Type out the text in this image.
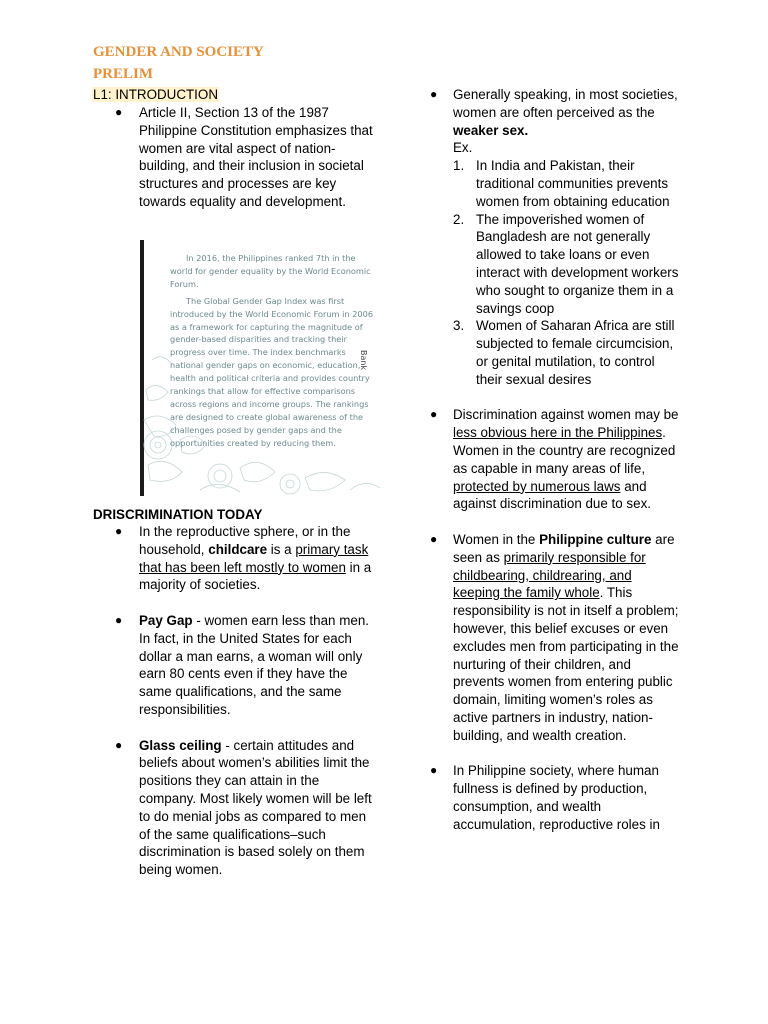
GENDER AND SOCIETY
PRELIM
L1: INTRODUCTION
● Article II, Section 13 of the 1987 Philippine Constitution emphasizes that women are vital aspect of nation-building, and their inclusion in societal structures and processes are key towards equality and development.

In 2016, the Philippines ranked 7th in the world for gender equality by the World Economic Forum.

The Global Gender Gap Index was first introduced by the World Economic Forum in 2006 as a framework for capturing the magnitude of gender-based disparities and tracking their progress over time. The index benchmarks national gender gaps on economic, education, health and political criteria and provides country rankings that allow for effective comparisons across regions and income groups. The rankings are designed to create global awareness of the challenges posed by gender gaps and the opportunities created by reducing them.

Bank
DRISCRIMINATION TODAY
● In the reproductive sphere, or in the household, childcare is a primary task that has been left mostly to women in a majority of societies.
● Pay Gap - women earn less than men. In fact, in the United States for each dollar a man earns, a woman will only earn 80 cents even if they have the same qualifications, and the same responsibilities.
● Glass ceiling - certain attitudes and beliefs about women’s abilities limit the positions they can attain in the company. Most likely women will be left to do menial jobs as compared to men of the same qualifications–such discrimination is based solely on them being women.
● Generally speaking, in most societies, women are often perceived as the weaker sex.
Ex.
1. In India and Pakistan, their traditional communities prevents women from obtaining education
2. The impoverished women of Bangladesh are not generally allowed to take loans or even interact with development workers who sought to organize them in a savings coop
3. Women of Saharan Africa are still subjected to female circumcision, or genital mutilation, to control their sexual desires
● Discrimination against women may be less obvious here in the Philippines. Women in the country are recognized as capable in many areas of life, protected by numerous laws and against discrimination due to sex.
● Women in the Philippine culture are seen as primarily responsible for childbearing, childrearing, and keeping the family whole. This responsibility is not in itself a problem; however, this belief excuses or even excludes men from participating in the nurturing of their children, and prevents women from entering public domain, limiting women’s roles as active partners in industry, nation-building, and wealth creation.
● In Philippine society, where human fullness is defined by production, consumption, and wealth accumulation, reproductive roles in
